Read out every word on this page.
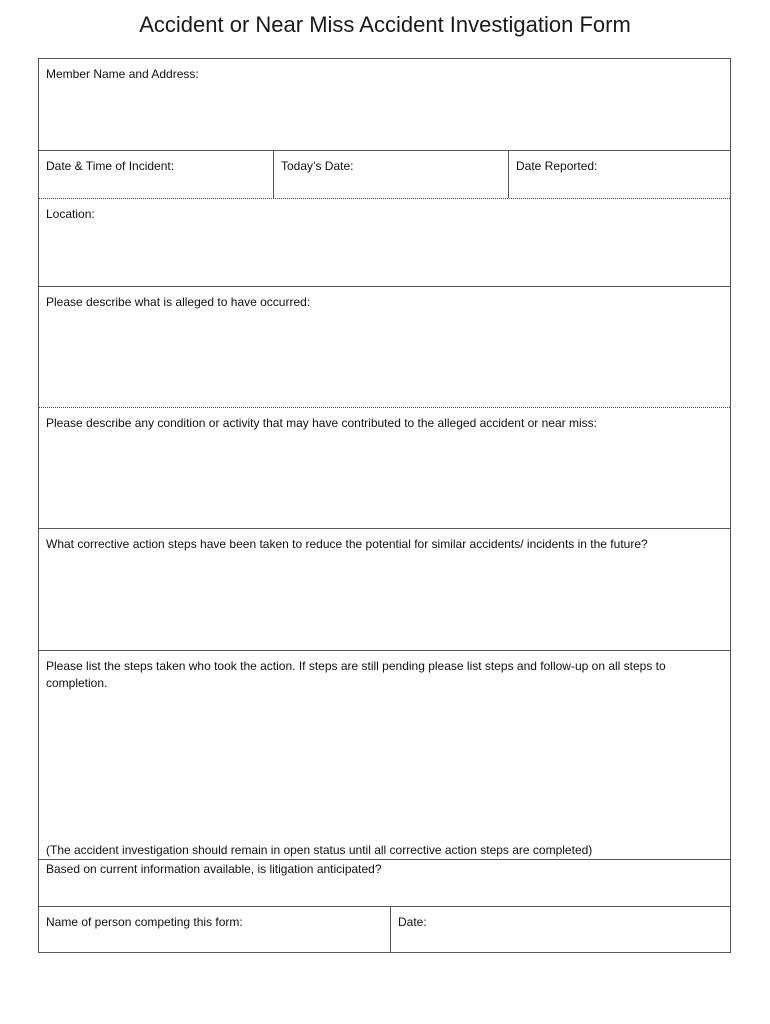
Accident or Near Miss Accident Investigation Form
Member Name and Address:
Date & Time of Incident:	Today’s Date:	Date Reported:
Location:
Please describe what is alleged to have occurred:
Please describe any condition or activity that may have contributed to the alleged accident or near miss:
What corrective action steps have been taken to reduce the potential for similar accidents/ incidents in the future?
Please list the steps taken who took the action. If steps are still pending please list steps and follow-up on all steps to completion.
(The accident investigation should remain in open status until all corrective action steps are completed)
Based on current information available, is litigation anticipated?
Name of person competing this form:	Date:
